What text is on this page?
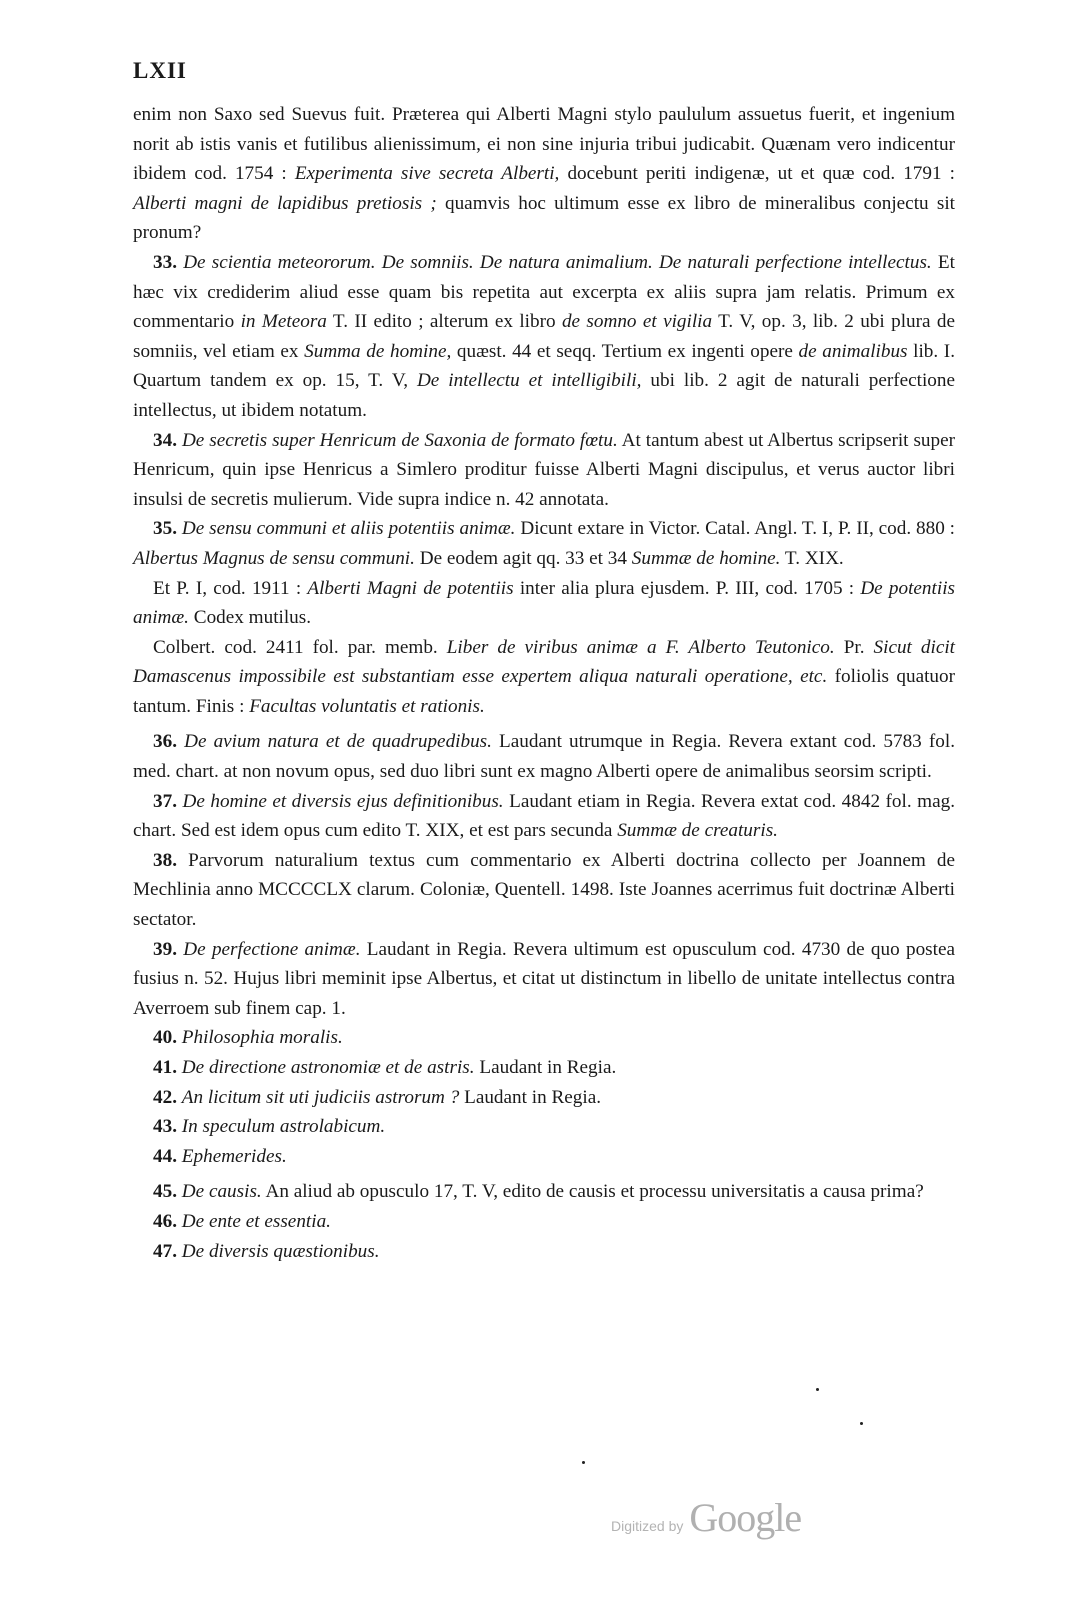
LXII

enim non Saxo sed Suevus fuit. Præterea qui Alberti Magni stylo paululum assuetus fuerit, et ingenium norit ab istis vanis et futilibus alienissimum, ei non sine injuria tribui judicabit. Quænam vero indicentur ibidem cod. 1754 : Experimenta sive secreta Alberti, docebunt periti indigenæ, ut et quæ cod. 1791 : Alberti magni de lapidibus pretiosis ; quamvis hoc ultimum esse ex libro de mineralibus conjectu sit pronum?

33. De scientia meteororum. De somniis. De natura animalium. De naturali perfectione intellectus. Et hæc vix crediderim aliud esse quam bis repetita aut excerpta ex aliis supra jam relatis. Primum ex commentario in Meteora T. II edito ; alterum ex libro de somno et vigilia T. V, op. 3, lib. 2 ubi plura de somniis, vel etiam ex Summa de homine, quæst. 44 et seqq. Tertium ex ingenti opere de animalibus lib. I. Quartum tandem ex op. 15, T. V, De intellectu et intelligibili, ubi lib. 2 agit de naturali perfectione intellectus, ut ibidem notatum.

34. De secretis super Henricum de Saxonia de formato fœtu. At tantum abest ut Albertus scripserit super Henricum, quin ipse Henricus a Simlero proditur fuisse Alberti Magni discipulus, et verus auctor libri insulsi de secretis mulierum. Vide supra indice n. 42 annotata.

35. De sensu communi et aliis potentiis animæ. Dicunt extare in Victor. Catal. Angl. T. I, P. II, cod. 880 : Albertus Magnus de sensu communi. De eodem agit qq. 33 et 34 Summæ de homine. T. XIX.

Et P. I, cod. 1911 : Alberti Magni de potentiis inter alia plura ejusdem. P. III, cod. 1705 : De potentiis animæ. Codex mutilus.

Colbert. cod. 2411 fol. par. memb. Liber de viribus animæ a F. Alberto Teutonico. Pr. Sicut dicit Damascenus impossibile est substantiam esse expertem aliqua naturali operatione, etc. foliolis quatuor tantum. Finis : Facultas voluntatis et rationis.

36. De avium natura et de quadrupedibus. Laudant utrumque in Regia. Revera extant cod. 5783 fol. med. chart. at non novum opus, sed duo libri sunt ex magno Alberti opere de animalibus seorsim scripti.

37. De homine et diversis ejus definitionibus. Laudant etiam in Regia. Revera extat cod. 4842 fol. mag. chart. Sed est idem opus cum edito T. XIX, et est pars secunda Summæ de creaturis.

38. Parvorum naturalium textus cum commentario ex Alberti doctrina collecto per Joannem de Mechlinia anno MCCCCLX clarum. Coloniæ, Quentell. 1498. Iste Joannes acerrimus fuit doctrinæ Alberti sectator.

39. De perfectione animæ. Laudant in Regia. Revera ultimum est opusculum cod. 4730 de quo postea fusius n. 52. Hujus libri meminit ipse Albertus, et citat ut distinctum in libello de unitate intellectus contra Averroem sub finem cap. 1.

40. Philosophia moralis.

41. De directione astronomiæ et de astris. Laudant in Regia.

42. An licitum sit uti judiciis astrorum ? Laudant in Regia.

43. In speculum astrolabicum.

44. Ephemerides.

45. De causis. An aliud ab opusculo 17, T. V, edito de causis et processu universitatis a causa prima?

46. De ente et essentia.

47. De diversis quæstionibus.

Digitized by Google
